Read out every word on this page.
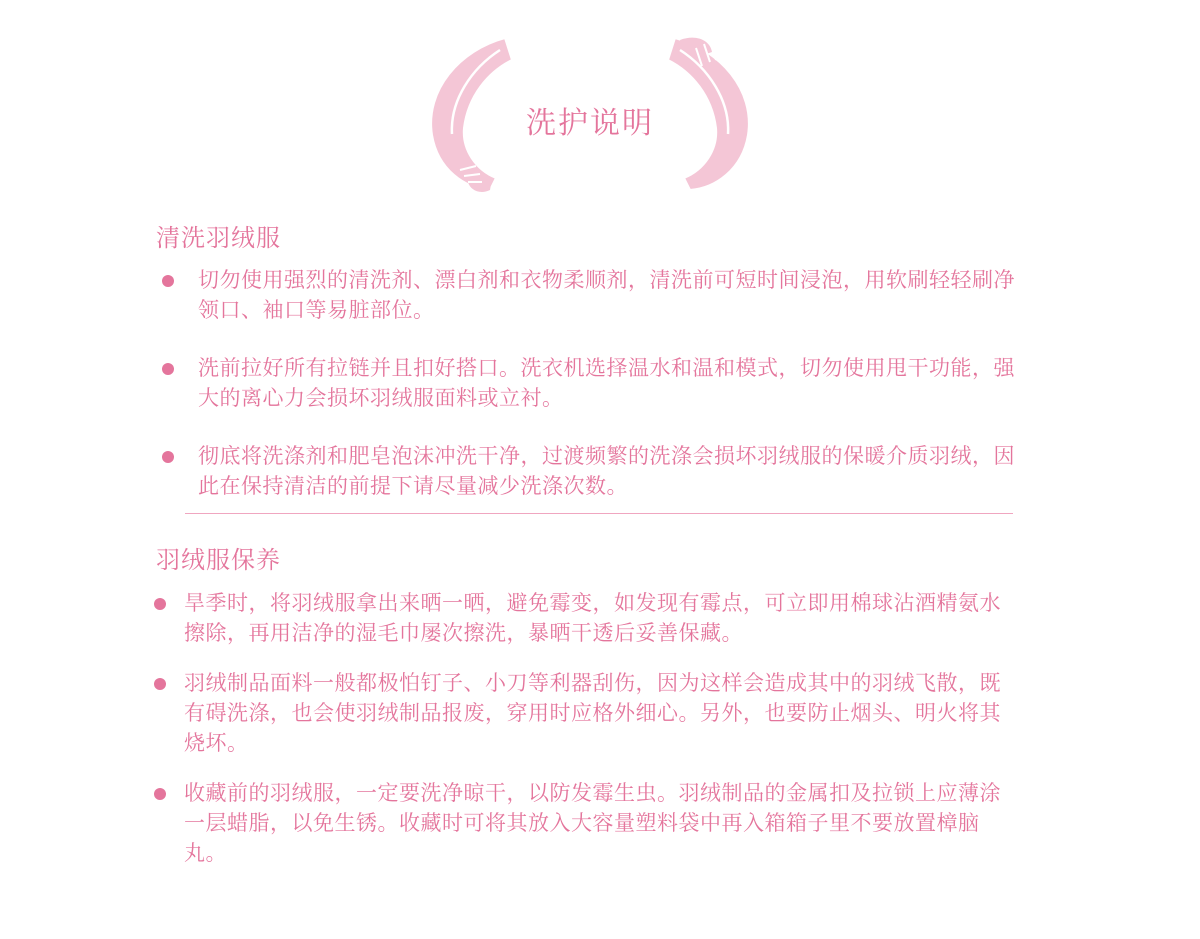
洗护说明
清洗羽绒服
切勿使用强烈的清洗剂、漂白剂和衣物柔顺剂，清洗前可短时间浸泡，用软刷轻轻刷净领口、袖口等易脏部位。
洗前拉好所有拉链并且扣好搭口。洗衣机选择温水和温和模式，切勿使用甩干功能，强大的离心力会损坏羽绒服面料或立衬。
彻底将洗涤剂和肥皂泡沫冲洗干净，过渡频繁的洗涤会损坏羽绒服的保暖介质羽绒，因此在保持清洁的前提下请尽量减少洗涤次数。
羽绒服保养
旱季时，将羽绒服拿出来晒一晒，避免霉变，如发现有霉点，可立即用棉球沾酒精氨水擦除，再用洁净的湿毛巾屡次擦洗，暴晒干透后妥善保藏。
羽绒制品面料一般都极怕钉子、小刀等利器刮伤，因为这样会造成其中的羽绒飞散，既有碍洗涤，也会使羽绒制品报废，穿用时应格外细心。另外，也要防止烟头、明火将其烧坏。
收藏前的羽绒服，一定要洗净晾干，以防发霉生虫。羽绒制品的金属扣及拉锁上应薄涂一层蜡脂，以免生锈。收藏时可将其放入大容量塑料袋中再入箱箱子里不要放置樟脑丸。
